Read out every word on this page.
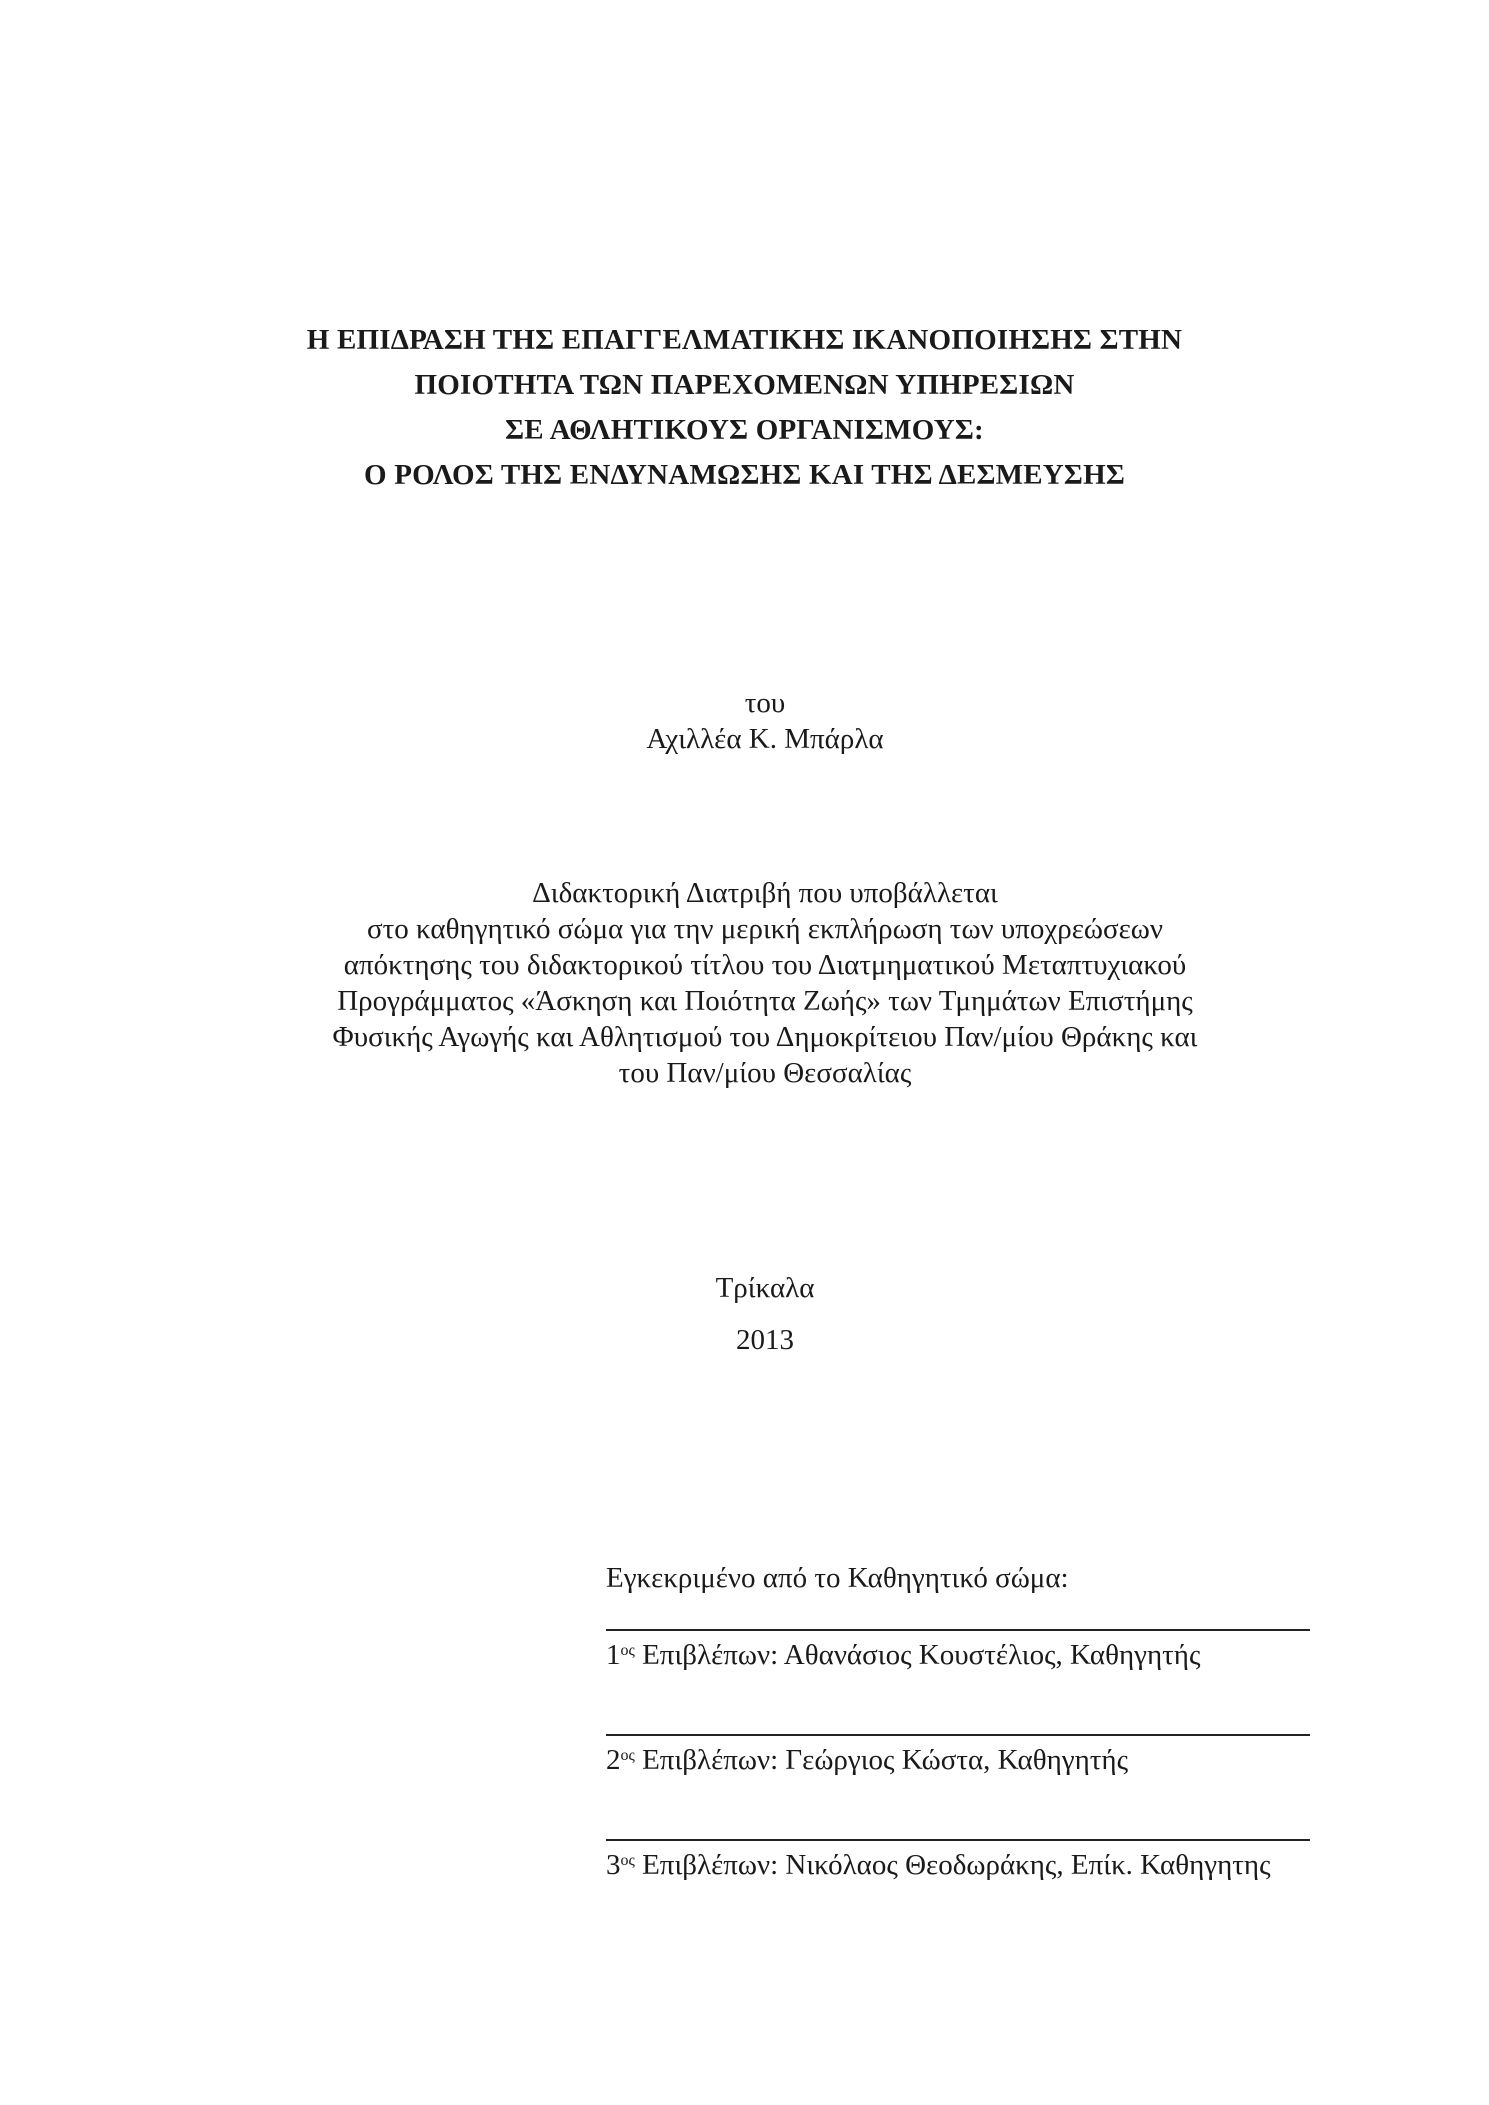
Η ΕΠΙΔΡΑΣΗ ΤΗΣ ΕΠΑΓΓΕΛΜΑΤΙΚΗΣ ΙΚΑΝΟΠΟΙΗΣΗΣ ΣΤΗΝ
ΠΟΙΟΤΗΤΑ ΤΩΝ ΠΑΡΕΧΟΜΕΝΩΝ ΥΠΗΡΕΣΙΩΝ
ΣΕ ΑΘΛΗΤΙΚΟΥΣ ΟΡΓΑΝΙΣΜΟΥΣ:
Ο ΡΟΛΟΣ ΤΗΣ ΕΝΔΥΝΑΜΩΣΗΣ ΚΑΙ ΤΗΣ ΔΕΣΜΕΥΣΗΣ
του
Αχιλλέα Κ. Μπάρλα
Διδακτορική Διατριβή που υποβάλλεται
στο καθηγητικό σώμα για την μερική εκπλήρωση των υποχρεώσεων
απόκτησης του διδακτορικού τίτλου του Διατμηματικού Μεταπτυχιακού
Προγράμματος «Άσκηση και Ποιότητα Ζωής» των Τμημάτων Επιστήμης
Φυσικής Αγωγής και Αθλητισμού του Δημοκρίτειου Παν/μίου Θράκης και
του Παν/μίου Θεσσαλίας
Τρίκαλα
2013
Εγκεκριμένο από το Καθηγητικό σώμα:
$1^{o\varsigma}$ Επιβλέπων: Αθανάσιος Κουστέλιος, Καθηγητής
$2^{o\varsigma}$ Επιβλέπων: Γεώργιος Κώστα, Καθηγητής
$3^{o\varsigma}$ Επιβλέπων: Νικόλαος Θεοδωράκης, Επίκ. Καθηγητης
